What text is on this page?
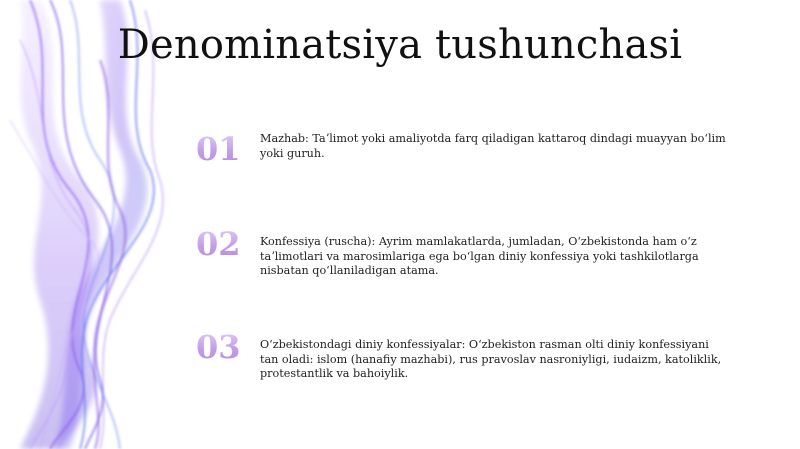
Denominatsiya tushunchasi
01	Mazhab: Taʼlimot yoki amaliyotda farq qiladigan kattaroq dindagi muayyan boʻlim yoki guruh.
02	Konfessiya (ruscha): Ayrim mamlakatlarda, jumladan, Oʻzbekistonda ham oʻz taʼlimotlari va marosimlariga ega boʻlgan diniy konfessiya yoki tashkilotlarga nisbatan qoʻllaniladigan atama.
03	Oʻzbekistondagi diniy konfessiyalar: Oʻzbekiston rasman olti diniy konfessiyani tan oladi: islom (hanafiy mazhabi), rus pravoslav nasroniyligi, iudaizm, katoliklik, protestantlik va bahoiylik.
